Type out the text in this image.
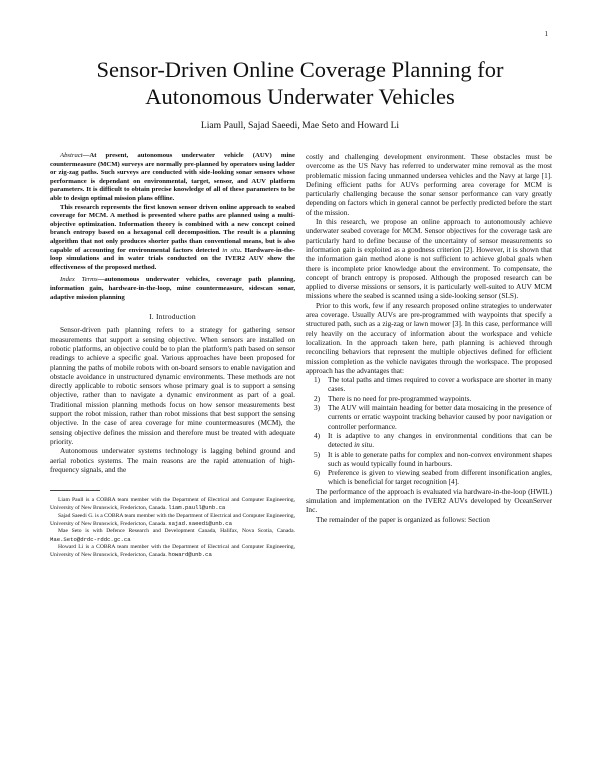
1
Sensor-Driven Online Coverage Planning for Autonomous Underwater Vehicles
Liam Paull, Sajad Saeedi, Mae Seto and Howard Li

Abstract—At present, autonomous underwater vehicle (AUV) mine countermeasure (MCM) surveys are normally pre-planned by operators using ladder or zig-zag paths. Such surveys are conducted with side-looking sonar sensors whose performance is dependant on environmental, target, sensor, and AUV platform parameters. It is difficult to obtain precise knowledge of all of these parameters to be able to design optimal mission plans offline.

This research represents the first known sensor driven online approach to seabed coverage for MCM. A method is presented where paths are planned using a multi-objective optimization. Information theory is combined with a new concept coined branch entropy based on a hexagonal cell decomposition. The result is a planning algorithm that not only produces shorter paths than conventional means, but is also capable of accounting for environmental factors detected in situ. Hardware-in-the-loop simulations and in water trials conducted on the IVER2 AUV show the effectiveness of the proposed method.

Index Terms—autonomous underwater vehicles, coverage path planning, information gain, hardware-in-the-loop, mine countermeasure, sidescan sonar, adaptive mission planning

I. Introduction

Sensor-driven path planning refers to a strategy for gathering sensor measurements that support a sensing objective. When sensors are installed on robotic platforms, an objective could be to plan the platform's path based on sensor readings to achieve a specific goal. Various approaches have been proposed for planning the paths of mobile robots with on-board sensors to enable navigation and obstacle avoidance in unstructured dynamic environments. These methods are not directly applicable to robotic sensors whose primary goal is to support a sensing objective, rather than to navigate a dynamic environment as part of a goal. Traditional mission planning methods focus on how sensor measurements best support the robot mission, rather than robot missions that best support the sensing objective. In the case of area coverage for mine countermeasures (MCM), the sensing objective defines the mission and therefore must be treated with adequate priority.

Autonomous underwater systems technology is lagging behind ground and aerial robotics systems. The main reasons are the rapid attenuation of high-frequency signals, and the

Liam Paull is a COBRA team member with the Department of Electrical and Computer Engineering, University of New Brunswick, Fredericton, Canada. liam.paull@unb.ca

Sajad Saeedi G. is a COBRA team member with the Department of Electrical and Computer Engineering, University of New Brunswick, Fredericton, Canada. sajad.saeedi@unb.ca

Mae Seto is with Defence Research and Development Canada, Halifax, Nova Scotia, Canada. Mae.Seto@drdc-rddc.gc.ca

Howard Li is a COBRA team member with the Department of Electrical and Computer Engineering, University of New Brunswick, Fredericton, Canada. howard@unb.ca

costly and challenging development environment. These obstacles must be overcome as the US Navy has referred to underwater mine removal as the most problematic mission facing unmanned undersea vehicles and the Navy at large [1]. Defining efficient paths for AUVs performing area coverage for MCM is particularly challenging because the sonar sensor performance can vary greatly depending on factors which in general cannot be perfectly predicted before the start of the mission.

In this research, we propose an online approach to autonomously achieve underwater seabed coverage for MCM. Sensor objectives for the coverage task are particularly hard to define because of the uncertainty of sensor measurements so information gain is exploited as a goodness criterion [2]. However, it is shown that the information gain method alone is not sufficient to achieve global goals when there is incomplete prior knowledge about the environment. To compensate, the concept of branch entropy is proposed. Although the proposed research can be applied to diverse missions or sensors, it is particularly well-suited to AUV MCM missions where the seabed is scanned using a side-looking sensor (SLS).

Prior to this work, few if any research proposed online strategies to underwater area coverage. Usually AUVs are pre-programmed with waypoints that specify a structured path, such as a zig-zag or lawn mower [3]. In this case, performance will rely heavily on the accuracy of information about the workspace and vehicle localization. In the approach taken here, path planning is achieved through reconciling behaviors that represent the multiple objectives defined for efficient mission completion as the vehicle navigates through the workspace. The proposed approach has the advantages that:

1) The total paths and times required to cover a workspace are shorter in many cases.
2) There is no need for pre-programmed waypoints.
3) The AUV will maintain heading for better data mosaicing in the presence of currents or erratic waypoint tracking behavior caused by poor navigation or controller performance.
4) It is adaptive to any changes in environmental conditions that can be detected in situ.
5) It is able to generate paths for complex and non-convex environment shapes such as would typically found in harbours.
6) Preference is given to viewing seabed from different insonification angles, which is beneficial for target recognition [4].

The performance of the approach is evaluated via hardware-in-the-loop (HWIL) simulation and implementation on the IVER2 AUVs developed by OceanServer Inc.

The remainder of the paper is organized as follows: Section
